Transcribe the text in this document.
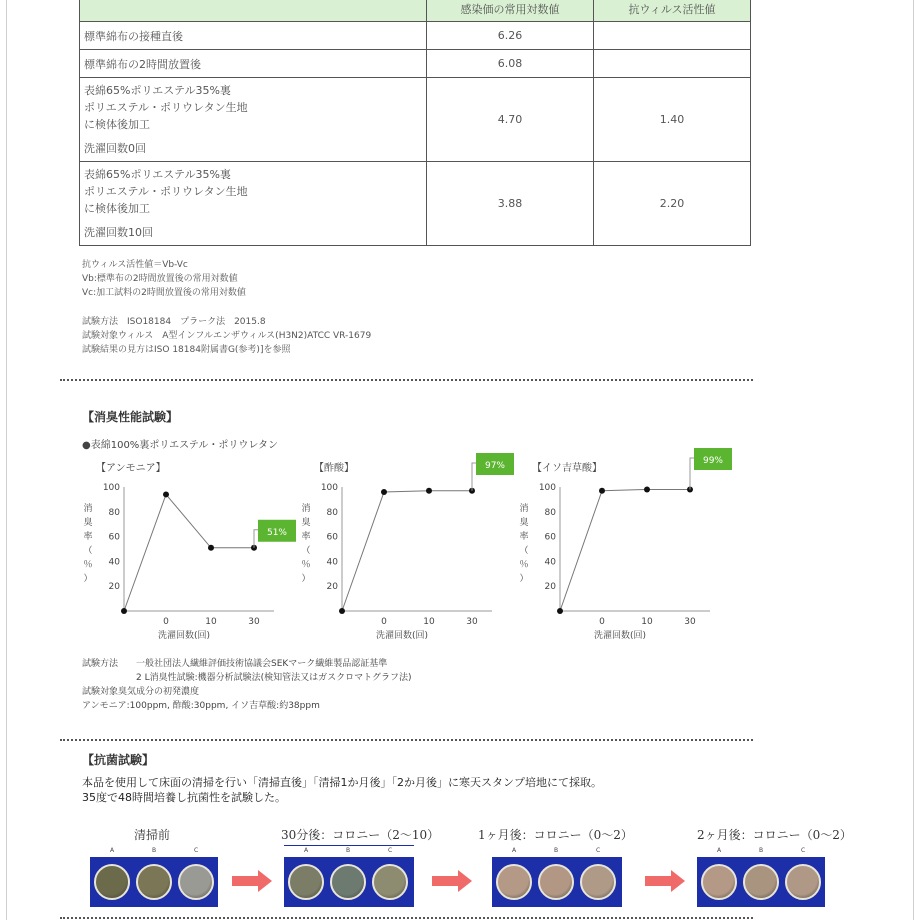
	感染価の常用対数値	抗ウィルス活性値
標準綿布の接種直後	6.26	
標準綿布の2時間放置後	6.08	

表綿65%ポリエステル35%裏
ポリエステル・ポリウレタン生地
に検体後加工
洗濯回数0回	4.70	1.40

表綿65%ポリエステル35%裏
ポリエステル・ポリウレタン生地
に検体後加工
洗濯回数10回	3.88	2.20
抗ウィルス活性値＝Vb-Vc
Vb:標準布の2時間放置後の常用対数値
Vc:加工試料の2時間放置後の常用対数値
試験方法　ISO18184　プラーク法　2015.8
試験対象ウィルス　A型インフルエンザウィルス(H3N2)ATCC VR-1679
試験結果の見方はISO 18184附属書G(参考)]を参照
【消臭性能試験】
●表綿100%裏ポリエステル・ポリウレタン
【アンモニア】
20
40
60
80
100
0	10	30
洗濯回数(回)
消
臭
率
（
％
）
51%
【酢酸】
20
40
60
80
100
0	10	30
洗濯回数(回)
消
臭
率
（
％
）
97%	【イソ吉草酸】
20
40
60
80
100
0	10	30
洗濯回数(回)
消
臭
率
（
％
）
99%
試験方法　　一般社団法人繊維評価技術協議会SEKマーク繊維製品認証基準
　　　　　　2 L消臭性試験:機器分析試験法(検知管法又はガスクロマトグラフ法)
試験対象臭気成分の初発濃度
アンモニア:100ppm, 酢酸:30ppm, イソ吉草酸:約38ppm
【抗菌試験】
本品を使用して床面の清掃を行い「清掃直後」「清掃1か月後」「2か月後」に寒天スタンプ培地にて採取。
35度で48時間培養し抗菌性を試験した。
清掃前	30分後：コロニー（2～10）	1ヶ月後：コロニー（0～2）	2ヶ月後：コロニー（0～2）
A	B	C	A	B	C	A	B	C	A	B	C
